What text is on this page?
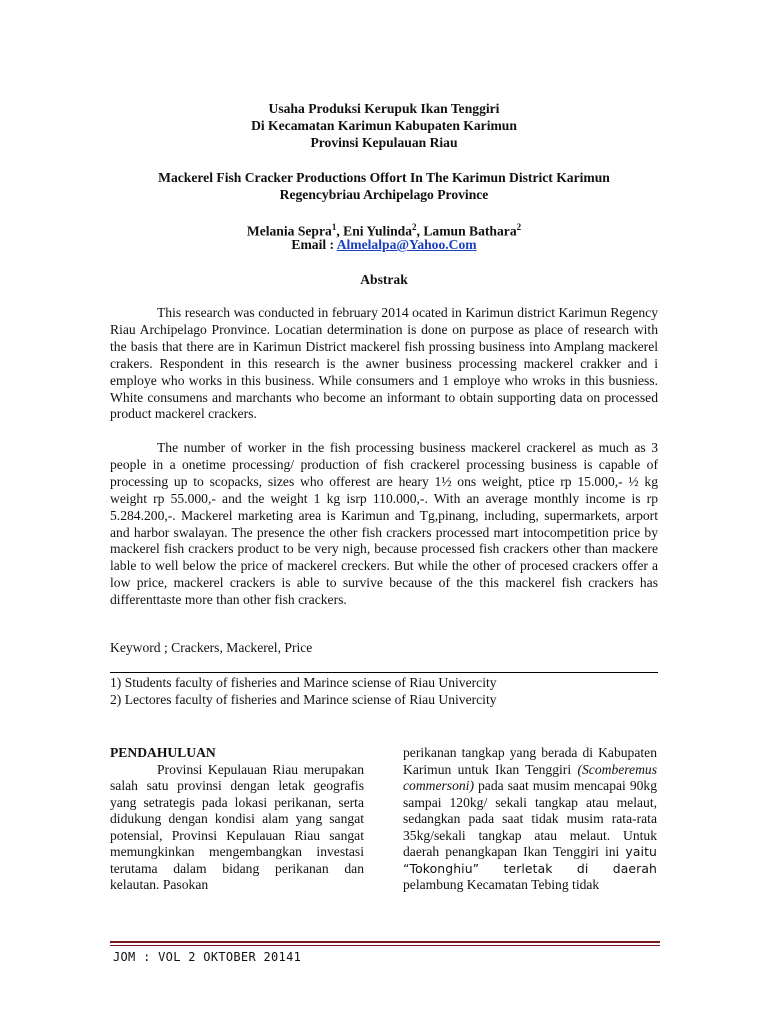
Usaha Produksi Kerupuk Ikan Tenggiri
Di Kecamatan Karimun Kabupaten Karimun
Provinsi Kepulauan Riau
Mackerel Fish Cracker Productions Offort In The Karimun District Karimun
Regencybriau Archipelago Province
Melania Sepra$^1$, Eni Yulinda$^2$, Lamun Bathara$^2$
Email : Almelalpa@Yahoo.Com
Abstrak

This research was conducted in february 2014 ocated in Karimun district Karimun Regency Riau Archipelago Pronvince. Locatian determination is done on purpose as place of research with the basis that there are in Karimun District mackerel fish prossing business into Amplang mackerel crakers. Respondent in this research is the awner business processing mackerel crakker and i employe who works in this business. While consumers and 1 employe who wroks in this busniess. White consumens and marchants who become an informant to obtain supporting data on processed product mackerel crackers.

The number of worker in the fish processing business mackerel crackerel as much as 3 people in a onetime processing/ production of fish crackerel processing business is capable of processing up to scopacks, sizes who offerest are heary 1½ ons weight, ptice rp 15.000,- ½ kg weight rp 55.000,- and the weight 1 kg isrp 110.000,-. With an average monthly income is rp 5.284.200,-. Mackerel marketing area is Karimun and Tg,pinang, including, supermarkets, arport and harbor swalayan. The presence the other fish crackers processed mart intocompetition price by mackerel fish crackers product to be very nigh, because processed fish crackers other than mackere lable to well below the price of mackerel creckers. But while the other of procesed crackers offer a low price, mackerel crackers is able to survive because of the this mackerel fish crackers has differenttaste more than other fish crackers.

Keyword ; Crackers, Mackerel, Price

1) Students faculty of fisheries and Marince sciense of Riau Univercity
2) Lectores faculty of fisheries and Marince sciense of Riau Univercity

PENDAHULUAN

Provinsi Kepulauan Riau merupakan salah satu provinsi dengan letak geografis yang setrategis pada lokasi perikanan, serta didukung dengan kondisi alam yang sangat potensial, Provinsi Kepulauan Riau sangat memungkinkan mengembangkan investasi terutama dalam bidang perikanan dan kelautan. Pasokan

perikanan tangkap yang berada di Kabupaten Karimun untuk Ikan Tenggiri (Scomberemus commersoni) pada saat musim mencapai 90kg sampai 120kg/ sekali tangkap atau melaut, sedangkan pada saat tidak musim rata-rata 35kg/sekali tangkap atau melaut. Untuk daerah penangkapan Ikan Tenggiri ini yaitu “Tokonghiu” terletak di daerah pelambung Kecamatan Tebing tidak

JOM : VOL 2 OKTOBER 20141
